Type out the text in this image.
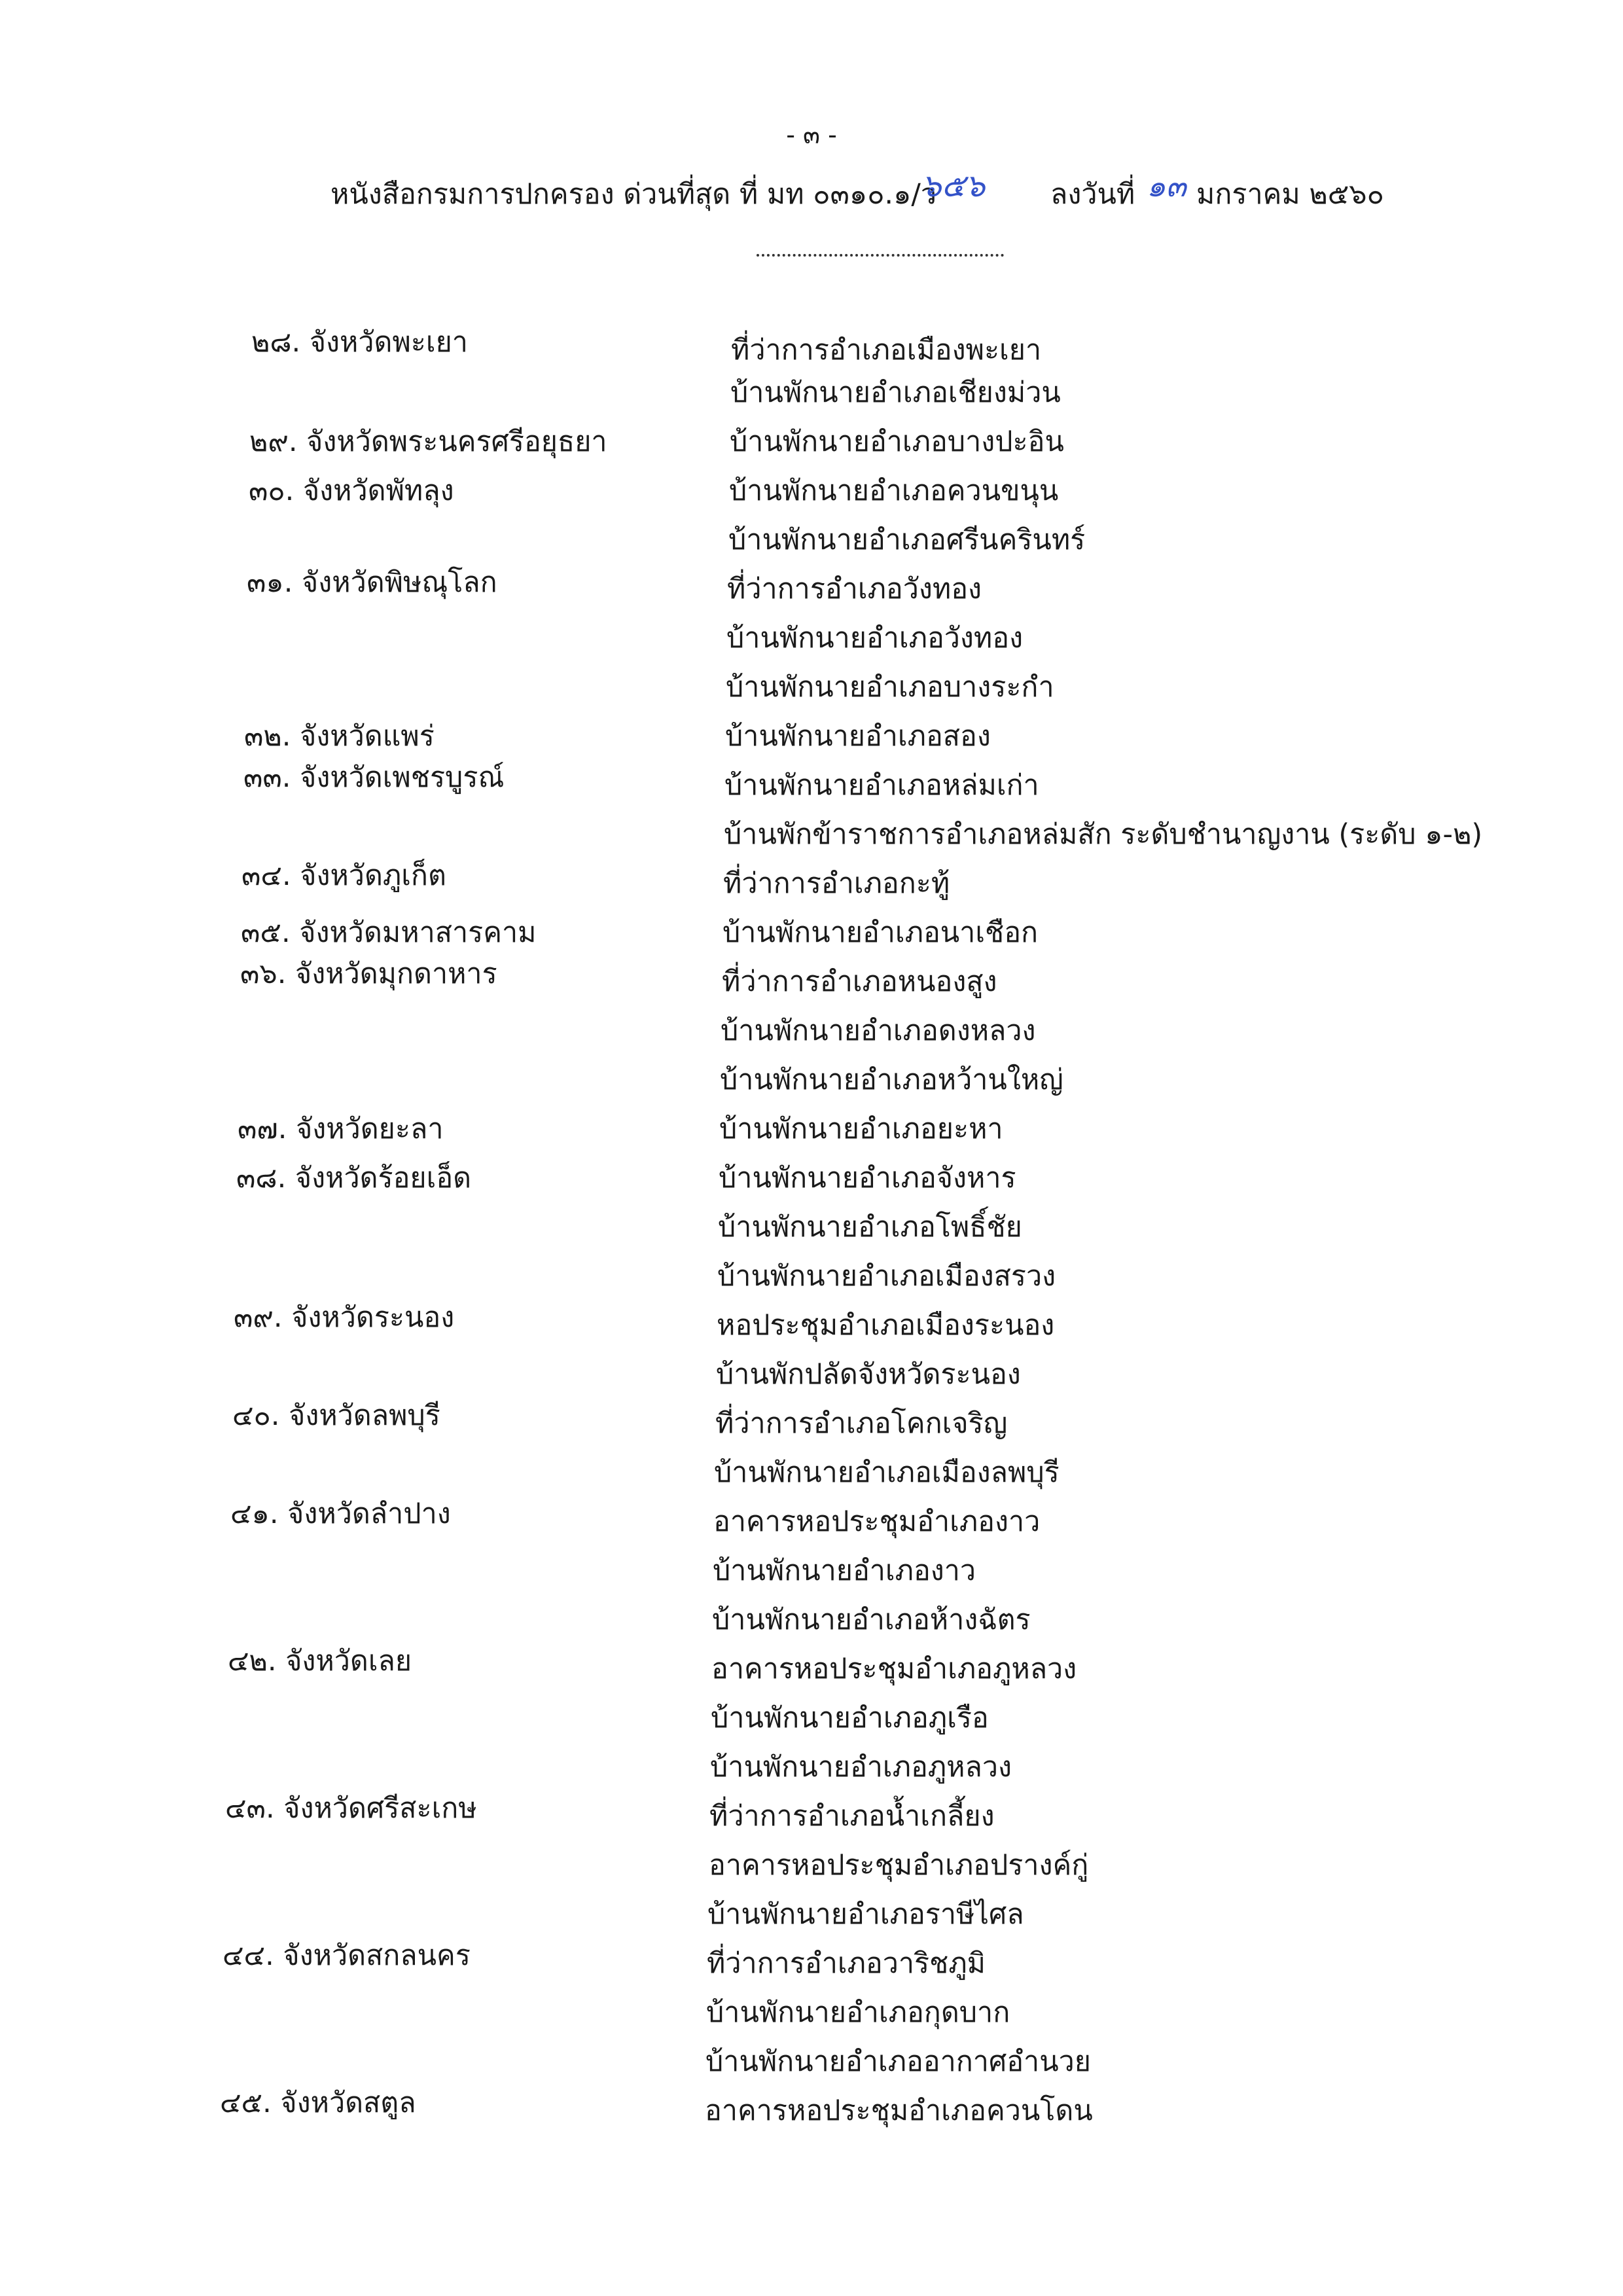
- ๓ -
หนังสือกรมการปกครอง ด่วนที่สุด ที่ มท ๐๓๑๐.๑/ว
๖๕๖ ลงวันที่ ๑๓ มกราคม ๒๕๖๐
๒๘. จังหวัดพะเยา	ที่ว่าการอำเภอเมืองพะเยา
บ้านพักนายอำเภอเชียงม่วน
๒๙. จังหวัดพระนครศรีอยุธยา	บ้านพักนายอำเภอบางปะอิน
๓๐. จังหวัดพัทลุง	บ้านพักนายอำเภอควนขนุน
บ้านพักนายอำเภอศรีนครินทร์
๓๑. จังหวัดพิษณุโลก	ที่ว่าการอำเภอวังทอง
บ้านพักนายอำเภอวังทอง
บ้านพักนายอำเภอบางระกำ
๓๒. จังหวัดแพร่	บ้านพักนายอำเภอสอง
๓๓. จังหวัดเพชรบูรณ์	บ้านพักนายอำเภอหล่มเก่า
บ้านพักข้าราชการอำเภอหล่มสัก ระดับชำนาญงาน (ระดับ ๑-๒)
๓๔. จังหวัดภูเก็ต	ที่ว่าการอำเภอกะทู้
๓๕. จังหวัดมหาสารคาม	บ้านพักนายอำเภอนาเชือก
๓๖. จังหวัดมุกดาหาร	ที่ว่าการอำเภอหนองสูง
บ้านพักนายอำเภอดงหลวง
บ้านพักนายอำเภอหว้านใหญ่
๓๗. จังหวัดยะลา	บ้านพักนายอำเภอยะหา
๓๘. จังหวัดร้อยเอ็ด	บ้านพักนายอำเภอจังหาร
บ้านพักนายอำเภอโพธิ์ชัย
บ้านพักนายอำเภอเมืองสรวง
๓๙. จังหวัดระนอง	หอประชุมอำเภอเมืองระนอง
บ้านพักปลัดจังหวัดระนอง
๔๐. จังหวัดลพบุรี	ที่ว่าการอำเภอโคกเจริญ
บ้านพักนายอำเภอเมืองลพบุรี
๔๑. จังหวัดลำปาง	อาคารหอประชุมอำเภองาว
บ้านพักนายอำเภองาว
บ้านพักนายอำเภอห้างฉัตร
๔๒. จังหวัดเลย	อาคารหอประชุมอำเภอภูหลวง
บ้านพักนายอำเภอภูเรือ
บ้านพักนายอำเภอภูหลวง
๔๓. จังหวัดศรีสะเกษ	ที่ว่าการอำเภอน้ำเกลี้ยง
อาคารหอประชุมอำเภอปรางค์กู่
บ้านพักนายอำเภอราษีไศล
๔๔. จังหวัดสกลนคร	ที่ว่าการอำเภอวาริชภูมิ
บ้านพักนายอำเภอกุดบาก
บ้านพักนายอำเภออากาศอำนวย
๔๕. จังหวัดสตูล	อาคารหอประชุมอำเภอควนโดน
